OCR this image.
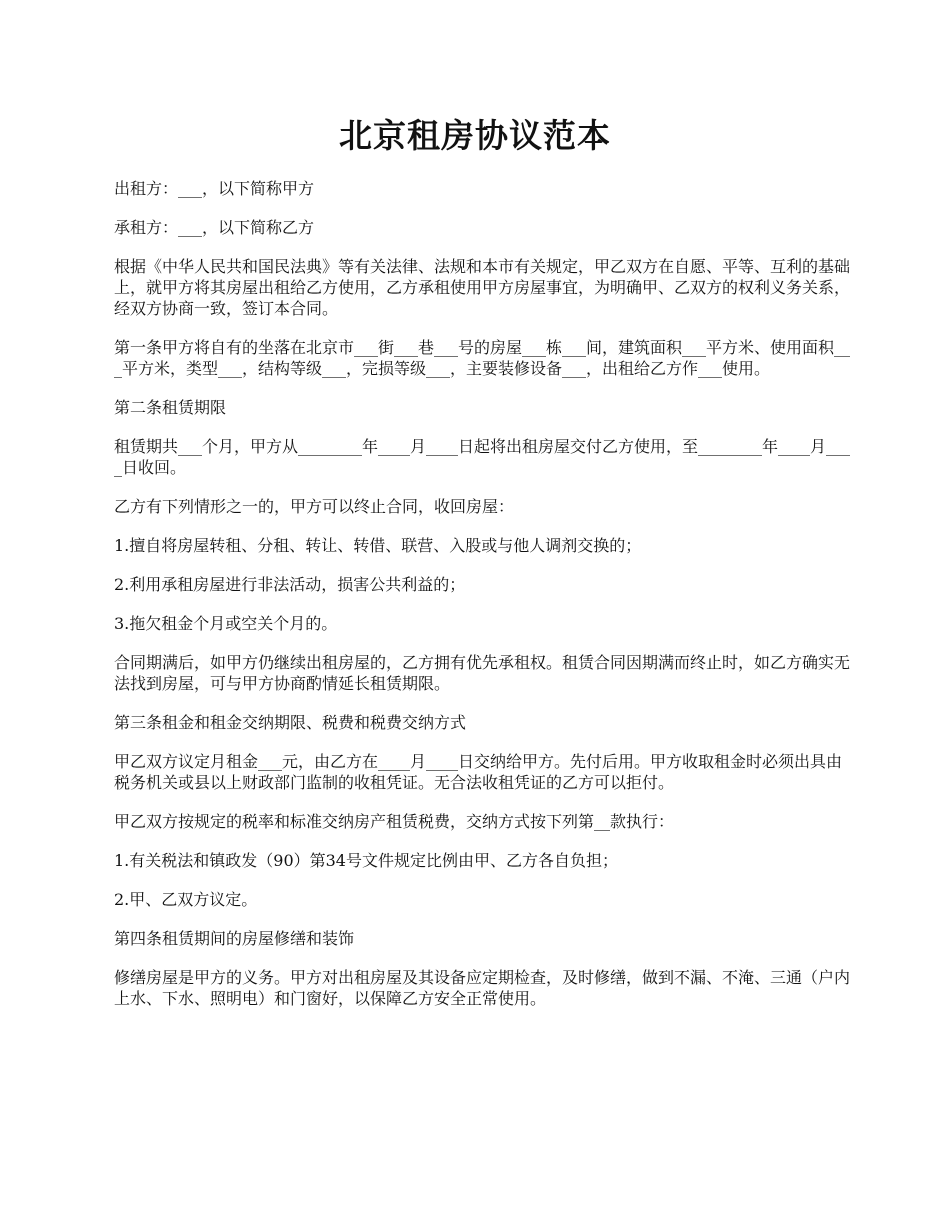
北京租房协议范本

出租方：___，以下简称甲方

承租方：___，以下简称乙方

根据《中华人民共和国民法典》等有关法律、法规和本市有关规定，甲乙双方在自愿、平等、互利的基础上，就甲方将其房屋出租给乙方使用，乙方承租使用甲方房屋事宜，为明确甲、乙双方的权利义务关系，经双方协商一致，签订本合同。

第一条甲方将自有的坐落在北京市___街___巷___号的房屋___栋___间，建筑面积___平方米、使用面积___平方米，类型___，结构等级___，完损等级___，主要装修设备___，出租给乙方作___使用。

第二条租赁期限

租赁期共___个月，甲方从________年____月____日起将出租房屋交付乙方使用，至________年____月____日收回。

乙方有下列情形之一的，甲方可以终止合同，收回房屋：

1.擅自将房屋转租、分租、转让、转借、联营、入股或与他人调剂交换的；

2.利用承租房屋进行非法活动，损害公共利益的；

3.拖欠租金个月或空关个月的。

合同期满后，如甲方仍继续出租房屋的，乙方拥有优先承租权。租赁合同因期满而终止时，如乙方确实无法找到房屋，可与甲方协商酌情延长租赁期限。

第三条租金和租金交纳期限、税费和税费交纳方式

甲乙双方议定月租金___元，由乙方在____月____日交纳给甲方。先付后用。甲方收取租金时必须出具由税务机关或县以上财政部门监制的收租凭证。无合法收租凭证的乙方可以拒付。

甲乙双方按规定的税率和标准交纳房产租赁税费，交纳方式按下列第__款执行：

1.有关税法和镇政发（90）第34号文件规定比例由甲、乙方各自负担；

2.甲、乙双方议定。

第四条租赁期间的房屋修缮和装饰

修缮房屋是甲方的义务。甲方对出租房屋及其设备应定期检查，及时修缮，做到不漏、不淹、三通（户内上水、下水、照明电）和门窗好，以保障乙方安全正常使用。
